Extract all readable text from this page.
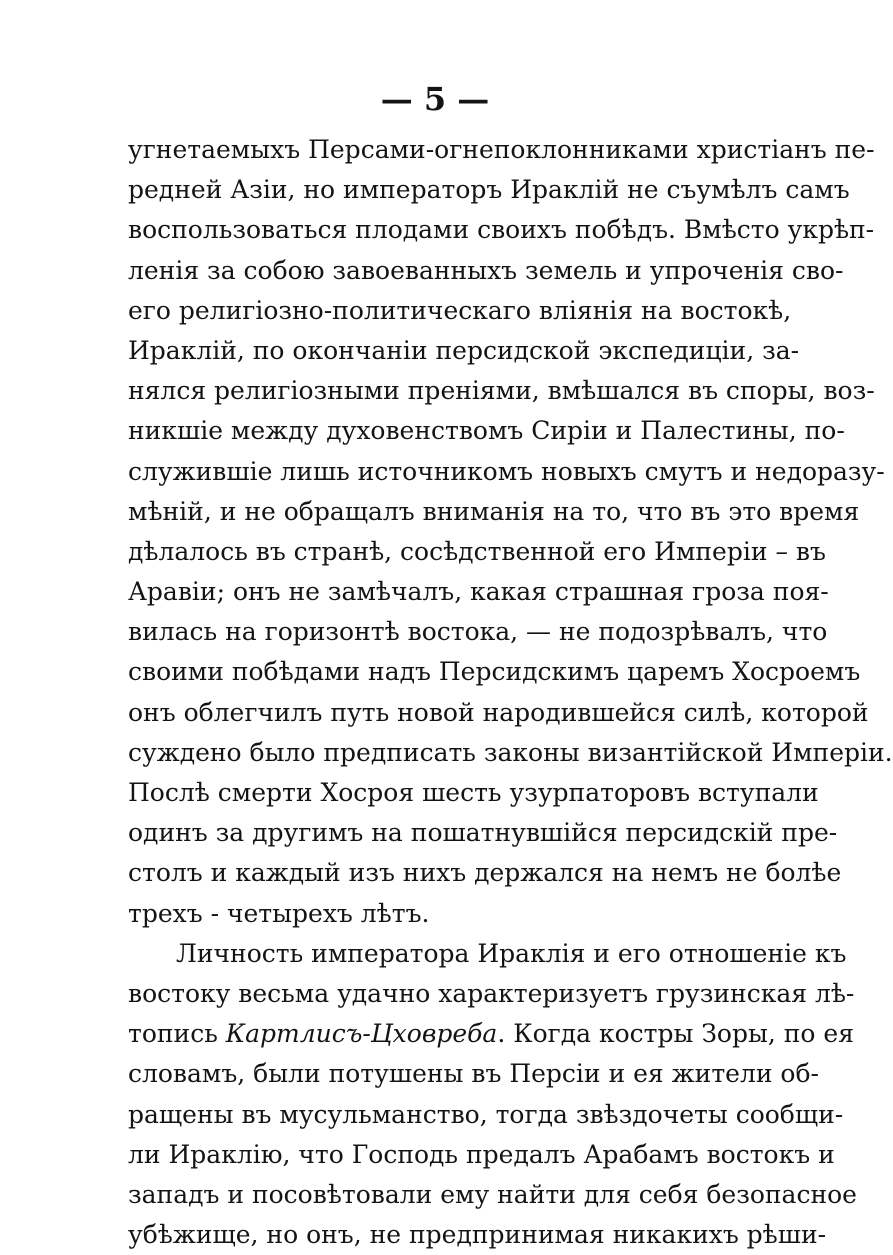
— 5 —
угнетаемыхъ Персами-огнепоклонниками христіанъ пе-
редней Азіи, но императоръ Ираклій не съумѣлъ самъ
воспользоваться плодами своихъ побѣдъ. Вмѣсто укрѣп-
ленія за собою завоеванныхъ земель и упроченія сво-
его религіозно-политическаго вліянія на востокѣ,
Ираклій, по окончаніи персидской экспедиціи, за-
нялся религіозными преніями, вмѣшался въ споры, воз-
никшіе между духовенствомъ Сиріи и Палестины, по-
служившіе лишь источникомъ новыхъ смутъ и недоразу-
мѣній, и не обращалъ вниманія на то, что въ это время
дѣлалось въ странѣ, сосѣдственной его Имперіи – въ
Аравіи; онъ не замѣчалъ, какая страшная гроза поя-
вилась на горизонтѣ востока, — не подозрѣвалъ, что
своими побѣдами надъ Персидскимъ царемъ Хосроемъ
онъ облегчилъ путь новой народившейся силѣ, которой
суждено было предписать законы византійской Имперіи.
Послѣ смерти Хосроя шесть узурпаторовъ вступали
одинъ за другимъ на пошатнувшійся персидскій пре-
столъ и каждый изъ нихъ держался на немъ не болѣе
трехъ - четырехъ лѣтъ.
Личность императора Ираклія и его отношеніе къ
востоку весьма удачно характеризуетъ грузинская лѣ-
топись Картлисъ-Цховреба. Когда костры Зоры, по ея
словамъ, были потушены въ Персіи и ея жители об-
ращены въ мусульманство, тогда звѣздочеты сообщи-
ли Ираклію, что Господь предалъ Арабамъ востокъ и
западъ и посовѣтовали ему найти для себя безопасное
убѣжище, но онъ, не предпринимая никакихъ рѣши-
